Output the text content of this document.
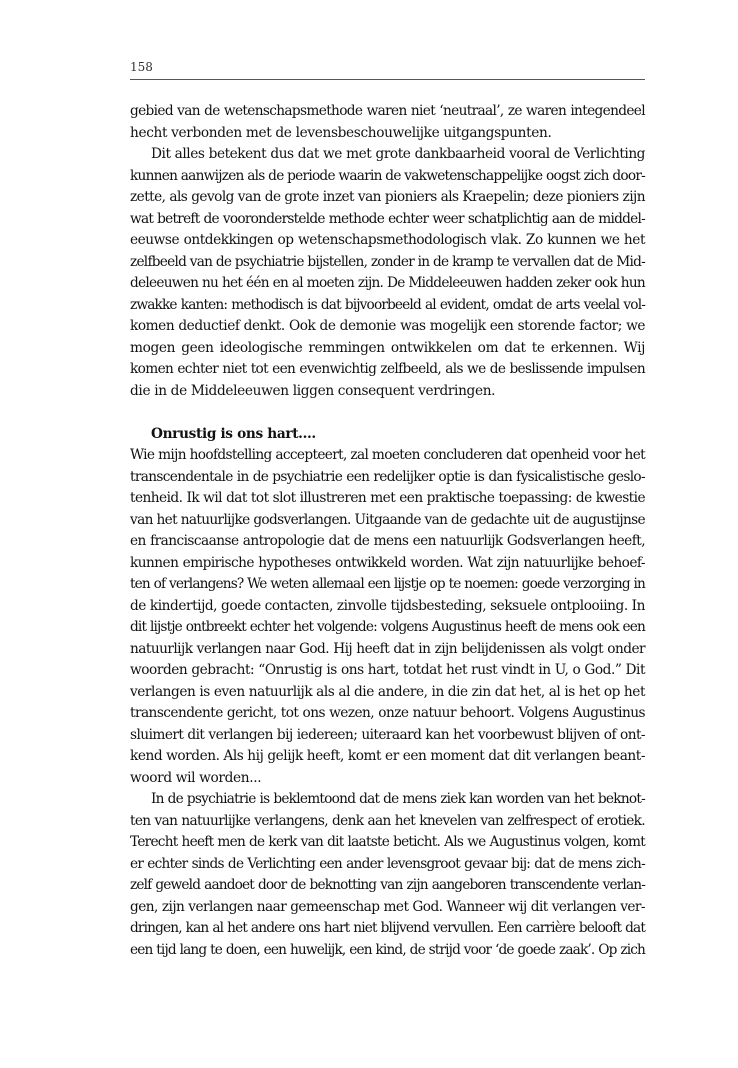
158
gebied van de wetenschapsmethode waren niet ‘neutraal’, ze waren integendeel
hecht verbonden met de levensbeschouwelijke uitgangspunten.
Dit alles betekent dus dat we met grote dankbaarheid vooral de Verlichting
kunnen aanwijzen als de periode waarin de vakwetenschappelijke oogst zich door-
zette, als gevolg van de grote inzet van pioniers als Kraepelin; deze pioniers zijn
wat betreft de vooronderstelde methode echter weer schatplichtig aan de middel-
eeuwse ontdekkingen op wetenschapsmethodologisch vlak. Zo kunnen we het
zelfbeeld van de psychiatrie bijstellen, zonder in de kramp te vervallen dat de Mid-
deleeuwen nu het één en al moeten zijn. De Middeleeuwen hadden zeker ook hun
zwakke kanten: methodisch is dat bijvoorbeeld al evident, omdat de arts veelal vol-
komen deductief denkt. Ook de demonie was mogelijk een storende factor; we
mogen geen ideologische remmingen ontwikkelen om dat te erkennen. Wij
komen echter niet tot een evenwichtig zelfbeeld, als we de beslissende impulsen
die in de Middeleeuwen liggen consequent verdringen.
Onrustig is ons hart....
Wie mijn hoofdstelling accepteert, zal moeten concluderen dat openheid voor het
transcendentale in de psychiatrie een redelijker optie is dan fysicalistische geslo-
tenheid. Ik wil dat tot slot illustreren met een praktische toepassing: de kwestie
van het natuurlijke godsverlangen. Uitgaande van de gedachte uit de augustijnse
en franciscaanse antropologie dat de mens een natuurlijk Godsverlangen heeft,
kunnen empirische hypotheses ontwikkeld worden. Wat zijn natuurlijke behoef-
ten of verlangens? We weten allemaal een lijstje op te noemen: goede verzorging in
de kindertijd, goede contacten, zinvolle tijdsbesteding, seksuele ontplooiing. In
dit lijstje ontbreekt echter het volgende: volgens Augustinus heeft de mens ook een
natuurlijk verlangen naar God. Hij heeft dat in zijn belijdenissen als volgt onder
woorden gebracht: “Onrustig is ons hart, totdat het rust vindt in U, o God.” Dit
verlangen is even natuurlijk als al die andere, in die zin dat het, al is het op het
transcendente gericht, tot ons wezen, onze natuur behoort. Volgens Augustinus
sluimert dit verlangen bij iedereen; uiteraard kan het voorbewust blijven of ont-
kend worden. Als hij gelijk heeft, komt er een moment dat dit verlangen beant-
woord wil worden...
In de psychiatrie is beklemtoond dat de mens ziek kan worden van het beknot-
ten van natuurlijke verlangens, denk aan het knevelen van zelfrespect of erotiek.
Terecht heeft men de kerk van dit laatste beticht. Als we Augustinus volgen, komt
er echter sinds de Verlichting een ander levensgroot gevaar bij: dat de mens zich-
zelf geweld aandoet door de beknotting van zijn aangeboren transcendente verlan-
gen, zijn verlangen naar gemeenschap met God. Wanneer wij dit verlangen ver-
dringen, kan al het andere ons hart niet blijvend vervullen. Een carrière belooft dat
een tijd lang te doen, een huwelijk, een kind, de strijd voor ‘de goede zaak’. Op zich
